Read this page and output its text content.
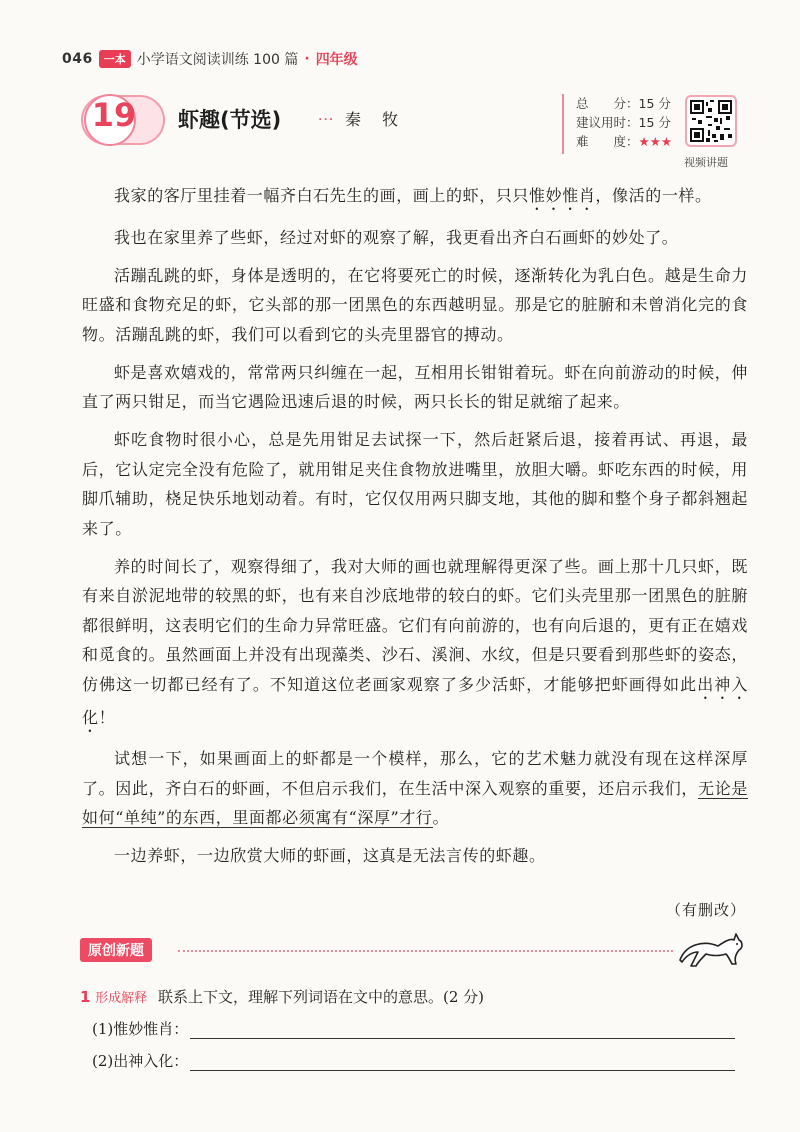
046	一本 小学语文阅读训练 100 篇 · 四年级
19	虾趣(节选)	··· 秦 牧
总　　分：15 分
建议用时：15 分
难　　度：★★★
视频讲题

我家的客厅里挂着一幅齐白石先生的画，画上的虾，只只惟妙惟肖，像活的一样。

我也在家里养了些虾，经过对虾的观察了解，我更看出齐白石画虾的妙处了。

活蹦乱跳的虾，身体是透明的，在它将要死亡的时候，逐渐转化为乳白色。越是生命力旺盛和食物充足的虾，它头部的那一团黑色的东西越明显。那是它的脏腑和未曾消化完的食物。活蹦乱跳的虾，我们可以看到它的头壳里器官的搏动。

虾是喜欢嬉戏的，常常两只纠缠在一起，互相用长钳钳着玩。虾在向前游动的时候，伸直了两只钳足，而当它遇险迅速后退的时候，两只长长的钳足就缩了起来。

虾吃食物时很小心，总是先用钳足去试探一下，然后赶紧后退，接着再试、再退，最后，它认定完全没有危险了，就用钳足夹住食物放进嘴里，放胆大嚼。虾吃东西的时候，用脚爪辅助，桡足快乐地划动着。有时，它仅仅用两只脚支地，其他的脚和整个身子都斜翘起来了。

养的时间长了，观察得细了，我对大师的画也就理解得更深了些。画上那十几只虾，既有来自淤泥地带的较黑的虾，也有来自沙底地带的较白的虾。它们头壳里那一团黑色的脏腑都很鲜明，这表明它们的生命力异常旺盛。它们有向前游的，也有向后退的，更有正在嬉戏和觅食的。虽然画面上并没有出现藻类、沙石、溪涧、水纹，但是只要看到那些虾的姿态，仿佛这一切都已经有了。不知道这位老画家观察了多少活虾，才能够把虾画得如此出神入化！

试想一下，如果画面上的虾都是一个模样，那么，它的艺术魅力就没有现在这样深厚了。因此，齐白石的虾画，不但启示我们，在生活中深入观察的重要，还启示我们，无论是如何“单纯”的东西，里面都必须寓有“深厚”才行。

一边养虾，一边欣赏大师的虾画，这真是无法言传的虾趣。

（有删改）
原创新题
1 形成解释 联系上下文，理解下列词语在文中的意思。(2 分)
(1)惟妙惟肖：
(2)出神入化：
